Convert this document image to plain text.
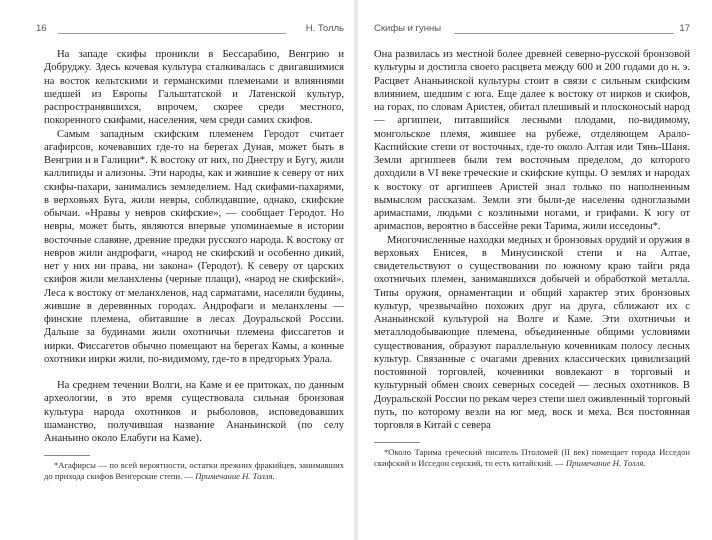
16	Н. Толль

На западе скифы проникли в Бессарабию, Венгрию и Добруджу. Здесь кочевая культура сталкивалась с двигавшимися на восток кельтскими и германскими племенами и влияниями шедшей из Европы Гальштатской и Латенской культур, распространявшихся, впрочем, скорее среди местного, покоренного скифами, населения, чем среди самих скифов.

Самым западным скифским племенем Геродот считает агафирсов, кочевавших где-то на берегах Дуная, может быть в Венгрии и в Галиции*. К востоку от них, по Днестру и Бугу, жили каллипиды и ализоны. Эти народы, как и жившие к северу от них скифы-пахари, занимались земледелием. Над скифами-пахарями, в верховьях Буга, жили невры, соблюдавшие, однако, скифские обычаи. «Нравы у невров скифские», — сообщает Геродот. Но невры, может быть, являются впервые упоминаемые в истории восточные славяне, древние предки русского народа. К востоку от невров жили андрофаги, «народ не скифский и особенно дикий, нет у них ни права, ни закона» (Геродот). К северу от царских скифов жили меланхлены (черные плащи), «народ не скифский». Леса к востоку от меланхленов, над сарматами, населяли будины, жившие в деревянных городах. Андрофаги и меланхлены — финские племена, обитавшие в лесах Доуральской России. Дальше за будинами жили охотничьи племена фиссагетов и иирки. Фиссагетов обычно помещают на берегах Камы, а конные охотники иирки жили, по-видимому, где-то в предгорьях Урала.

На среднем течении Волги, на Каме и ее притоках, по данным археологии, в это время существовала сильная бронзовая культура народа охотников и рыболовов, исповедовавших шаманство, получившая название Ананьинской (по селу Ананьино около Елабуги на Каме).

*Агафирсы — по всей вероятности, остатки прежних фракийцев, занимавших до прихода скифов Венгерские степи. — Примечание Н. Толля.

Скифы и гунны	17

Она развилась из местной более древней северно-русской бронзовой культуры и достигла своего расцвета между 600 и 200 годами до н. э. Расцвет Ананьинской культуры стоит в связи с сильным скифским влиянием, шедшим с юга. Еще далее к востоку от иирков и скифов, на горах, по словам Аристея, обитал плешивый и плосконосый народ — аргиппеи, питавшийся лесными плодами, по-видимому, монгольское племя, жившее на рубеже, отделяющем Арало-Каспийские степи от восточных, где-то около Алтая или Тянь-Шаня. Земли аргиппеев были тем восточным пределом, до которого доходили в VI веке греческие и скифские купцы. О землях и народах к востоку от аргиппеев Аристей знал только по наполненным вымыслом рассказам. Земли эти были-де населены одноглазыми аримаспами, людьми с козлиными ногами, и грифами. К югу от аримаспов, вероятно в бассейне реки Тарима, жили исседоны*.

Многочисленные находки медных и бронзовых орудий и оружия в верховьях Енисея, в Минусинской степи и на Алтае, свидетельствуют о существовании по южному краю тайги ряда охотничьих племен, занимавшихся добычей и обработкой металла. Типы оружия, орнаментации и общий характер этих бронзовых культур, чрезвычайно похожих друг на друга, сближают их с Ананьинской культурой на Волге и Каме. Эти охотничьи и металлодобывающие племена, объединенные общими условиями существования, образуют параллельную кочевникам полосу лесных культур. Связанные с очагами древних классических цивилизаций постоянной торговлей, кочевники вовлекают в торговый и культурный обмен своих северных соседей — лесных охотников. В Доуральской России по рекам через степи шел оживленный торговый путь, по которому везли на юг мед, воск и меха. Вся постоянная торговля в Китай с севера

*Около Тарима греческий писатель Птоломей (II век) помещает города Исседон скифский и Исседон серский, то есть китайский. — Примечание Н. Толля.
